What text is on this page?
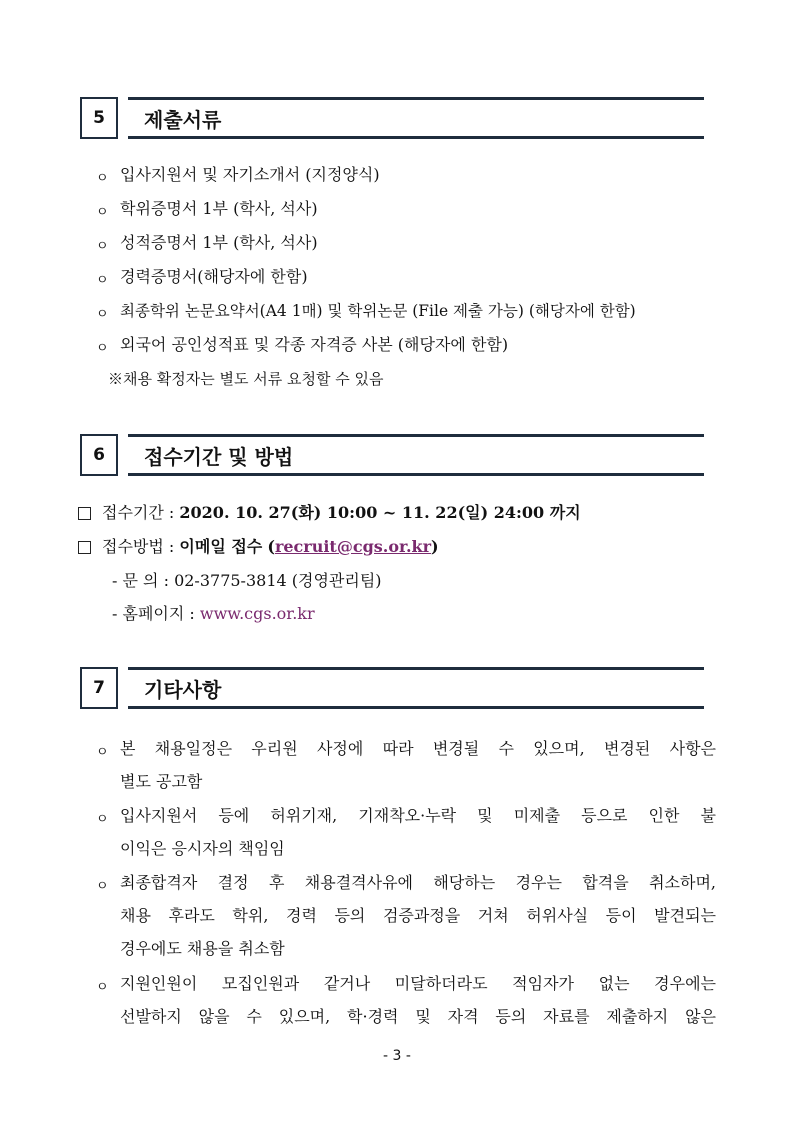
5	제출서류
ㅇ 입사지원서 및 자기소개서 (지정양식)
ㅇ 학위증명서 1부 (학사, 석사)
ㅇ 성적증명서 1부 (학사, 석사)
ㅇ 경력증명서(해당자에 한함)
ㅇ 최종학위 논문요약서(A4 1매) 및 학위논문 (File 제출 가능) (해당자에 한함)
ㅇ 외국어 공인성적표 및 각종 자격증 사본 (해당자에 한함)
※채용 확정자는 별도 서류 요청할 수 있음
6	접수기간 및 방법
접수기간 : 2020. 10. 27(화) 10:00 ~ 11. 22(일) 24:00 까지
접수방법 : 이메일 접수 (recruit@cgs.or.kr)
- 문 의 : 02-3775-3814 (경영관리팀)
- 홈페이지 : www.cgs.or.kr
7	기타사항
ㅇ 본 채용일정은 우리원 사정에 따라 변경될 수 있으며, 변경된 사항은
별도 공고함
ㅇ 입사지원서 등에 허위기재, 기재착오·누락 및 미제출 등으로 인한 불
이익은 응시자의 책임임
ㅇ 최종합격자 결정 후 채용결격사유에 해당하는 경우는 합격을 취소하며,
채용 후라도 학위, 경력 등의 검증과정을 거쳐 허위사실 등이 발견되는
경우에도 채용을 취소함
ㅇ 지원인원이 모집인원과 같거나 미달하더라도 적임자가 없는 경우에는
선발하지 않을 수 있으며, 학·경력 및 자격 등의 자료를 제출하지 않은
- 3 -
